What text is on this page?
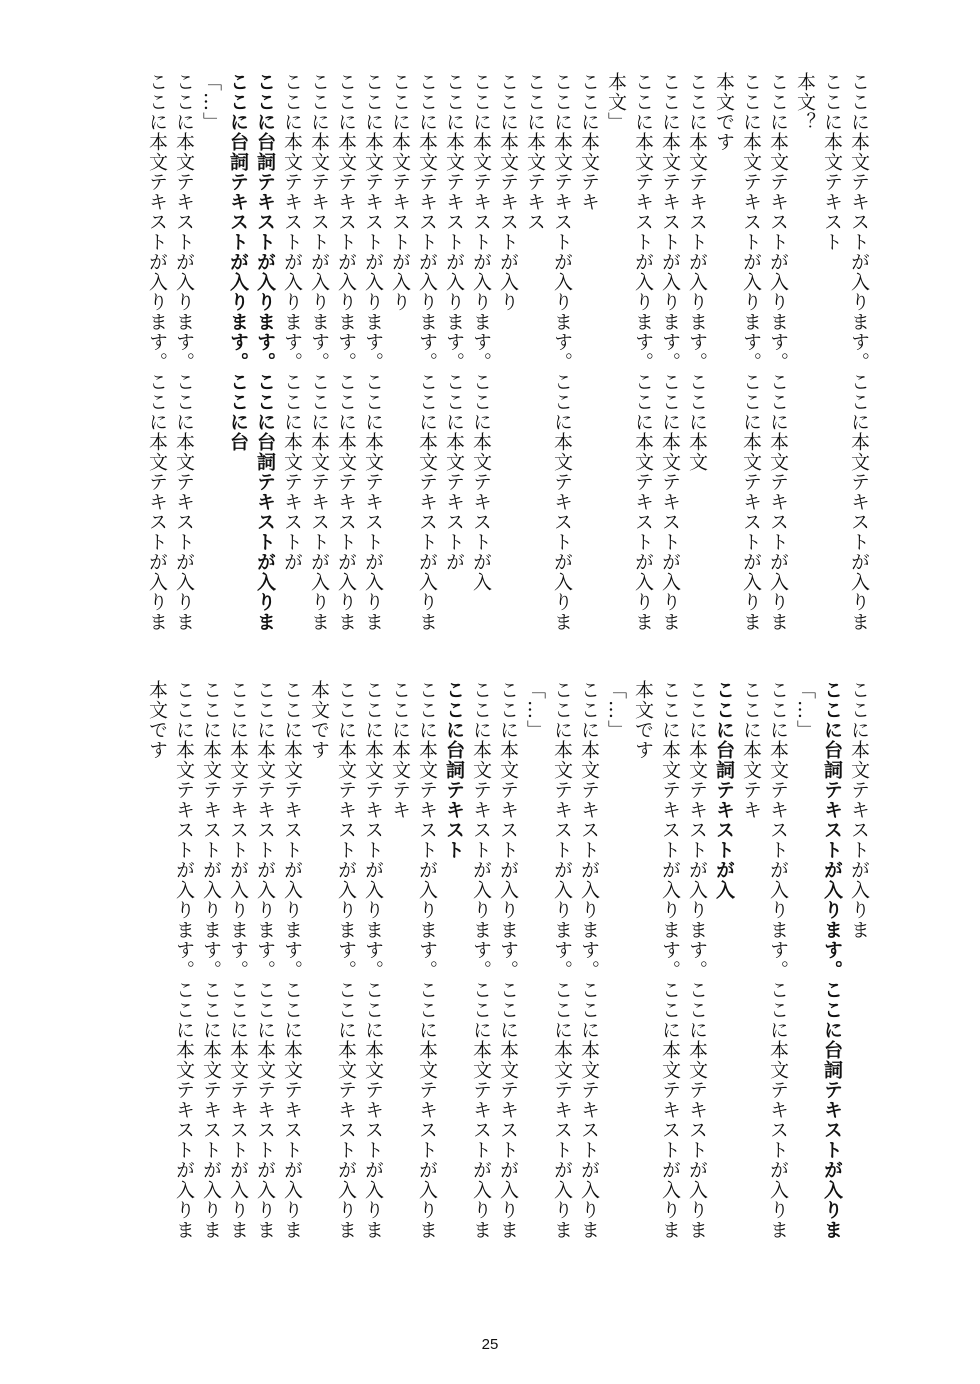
ここに本文テキストが入ります。ここに本文テキストが入りま
ここに本文テキスト
本文？
ここに本文テキストが入ります。ここに本文テキストが入りま
ここに本文テキストが入ります。ここに本文テキストが入りま
本文です
ここに本文テキストが入ります。ここに本文
ここに本文テキストが入ります。ここに本文テキストが入りま
ここに本文テキストが入ります。ここに本文テキストが入りま
本文」
ここに本文テキ
ここに本文テキストが入ります。ここに本文テキストが入りま
ここに本文テキス
ここに本文テキストが入り
ここに本文テキストが入ります。ここに本文テキストが入
ここに本文テキストが入ります。ここに本文テキストが
ここに本文テキストが入ります。ここに本文テキストが入りま
ここに本文テキストが入り
ここに本文テキストが入ります。ここに本文テキストが入りま
ここに本文テキストが入ります。ここに本文テキストが入りま
ここに本文テキストが入ります。ここに本文テキストが入りま
ここに本文テキストが入ります。ここに本文テキストが
ここに台詞テキストが入ります。ここに台詞テキストが入りま
ここに台詞テキストが入ります。ここに台
「…」
ここに本文テキストが入ります。ここに本文テキストが入りま
ここに本文テキストが入ります。ここに本文テキストが入りま
ここに本文テキストが入りま
ここに台詞テキストが入ります。ここに台詞テキストが入りま
「…」
ここに本文テキストが入ります。ここに本文テキストが入りま
ここに本文テキ
ここに台詞テキストが入
ここに本文テキストが入ります。ここに本文テキストが入りま
ここに本文テキストが入ります。ここに本文テキストが入りま
本文です
「…」
ここに本文テキストが入ります。ここに本文テキストが入りま
ここに本文テキストが入ります。ここに本文テキストが入りま
「…」
ここに本文テキストが入ります。ここに本文テキストが入りま
ここに本文テキストが入ります。ここに本文テキストが入りま
ここに台詞テキスト
ここに本文テキストが入ります。ここに本文テキストが入りま
ここに本文テキ
ここに本文テキストが入ります。ここに本文テキストが入りま
ここに本文テキストが入ります。ここに本文テキストが入りま
本文です
ここに本文テキストが入ります。ここに本文テキストが入りま
ここに本文テキストが入ります。ここに本文テキストが入りま
ここに本文テキストが入ります。ここに本文テキストが入りま
ここに本文テキストが入ります。ここに本文テキストが入りま
ここに本文テキストが入ります。ここに本文テキストが入りま
本文です
25
